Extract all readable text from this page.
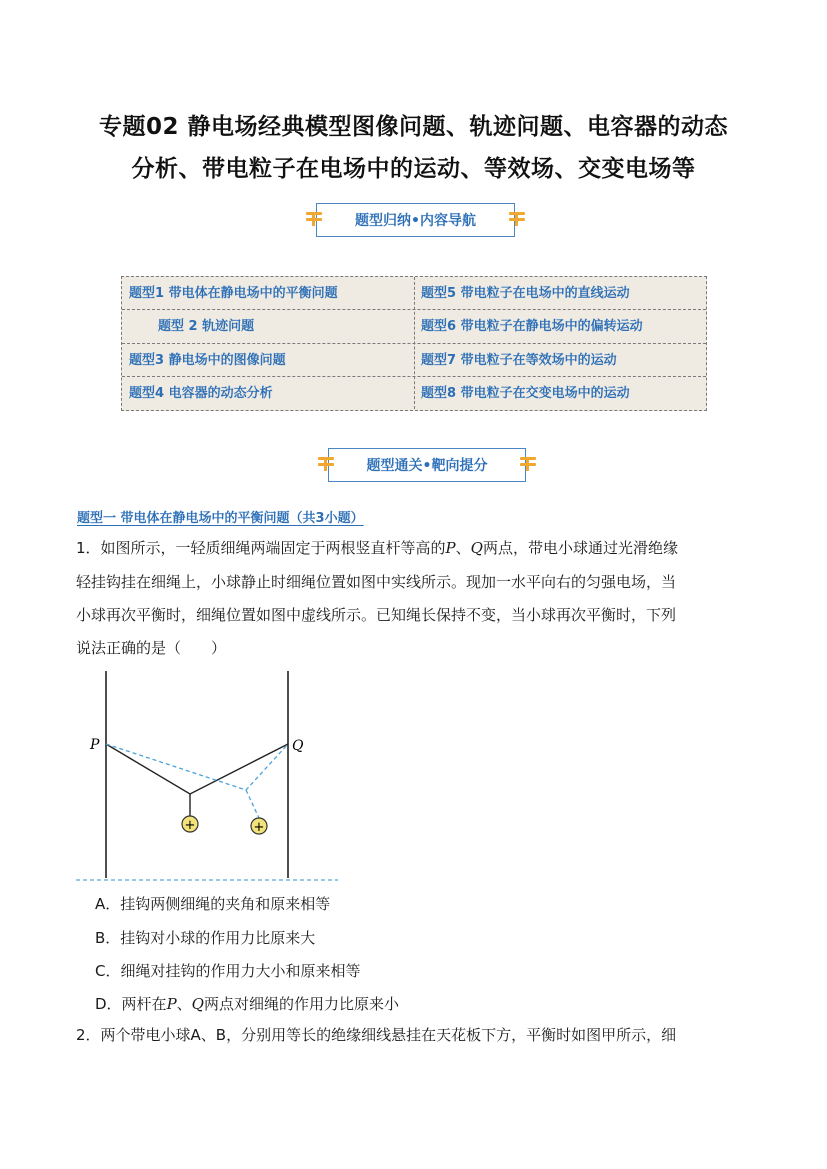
专题02 静电场经典模型图像问题、轨迹问题、电容器的动态
分析、带电粒子在电场中的运动、等效场、交变电场等
题型归纳•内容导航
题型1 带电体在静电场中的平衡问题
题型 2 轨迹问题
题型3 静电场中的图像问题
题型4 电容器的动态分析
题型5 带电粒子在电场中的直线运动
题型6 带电粒子在静电场中的偏转运动
题型7 带电粒子在等效场中的运动
题型8 带电粒子在交变电场中的运动
题型通关•靶向提分
题型一 带电体在静电场中的平衡问题（共3小题）
1．如图所示，一轻质细绳两端固定于两根竖直杆等高的P、Q两点，带电小球通过光滑绝缘
轻挂钩挂在细绳上，小球静止时细绳位置如图中实线所示。现加一水平向右的匀强电场，当
小球再次平衡时，细绳位置如图中虚线所示。已知绳长保持不变，当小球再次平衡时，下列
说法正确的是（　　）
+	+
P	Q
A．挂钩两侧细绳的夹角和原来相等
B．挂钩对小球的作用力比原来大
C．细绳对挂钩的作用力大小和原来相等
D．两杆在P、Q两点对细绳的作用力比原来小
2．两个带电小球A、B，分别用等长的绝缘细线悬挂在天花板下方，平衡时如图甲所示，细
